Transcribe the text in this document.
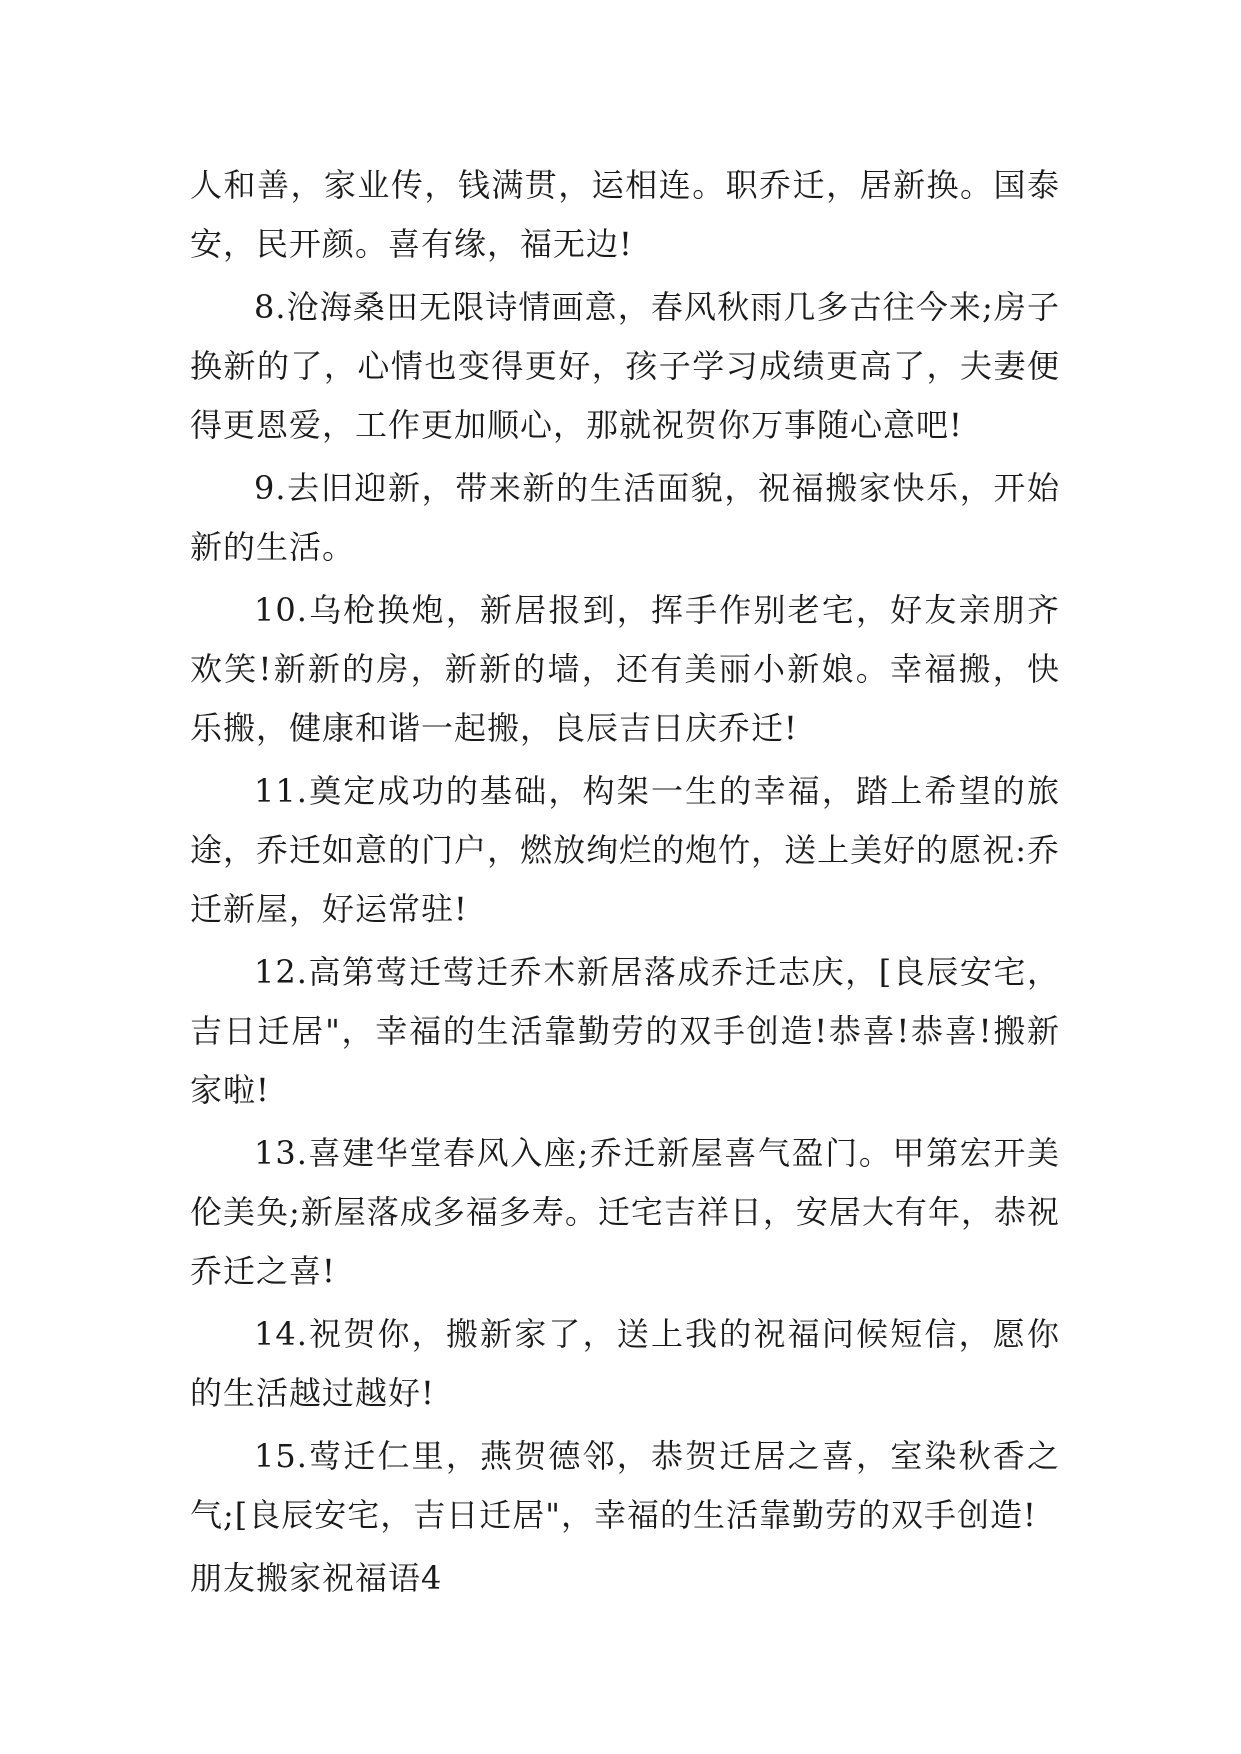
人和善，家业传，钱满贯，运相连。职乔迁，居新换。国泰安，民开颜。喜有缘，福无边!

8.沧海桑田无限诗情画意，春风秋雨几多古往今来;房子换新的了，心情也变得更好，孩子学习成绩更高了，夫妻便得更恩爱，工作更加顺心，那就祝贺你万事随心意吧!

9.去旧迎新，带来新的生活面貌，祝福搬家快乐，开始新的生活。

10.乌枪换炮，新居报到，挥手作别老宅，好友亲朋齐欢笑!新新的房，新新的墙，还有美丽小新娘。幸福搬，快乐搬，健康和谐一起搬，良辰吉日庆乔迁!

11.奠定成功的基础，构架一生的幸福，踏上希望的旅途，乔迁如意的门户，燃放绚烂的炮竹，送上美好的愿祝:乔迁新屋，好运常驻!

12.高第莺迁莺迁乔木新居落成乔迁志庆，[良辰安宅，吉日迁居"，幸福的生活靠勤劳的双手创造!恭喜!恭喜!搬新家啦!

13.喜建华堂春风入座;乔迁新屋喜气盈门。甲第宏开美伦美奂;新屋落成多福多寿。迁宅吉祥日，安居大有年，恭祝乔迁之喜!

14.祝贺你，搬新家了，送上我的祝福问候短信，愿你的生活越过越好!

15.莺迁仁里，燕贺德邻，恭贺迁居之喜，室染秋香之气;[良辰安宅，吉日迁居"，幸福的生活靠勤劳的双手创造!

朋友搬家祝福语4
